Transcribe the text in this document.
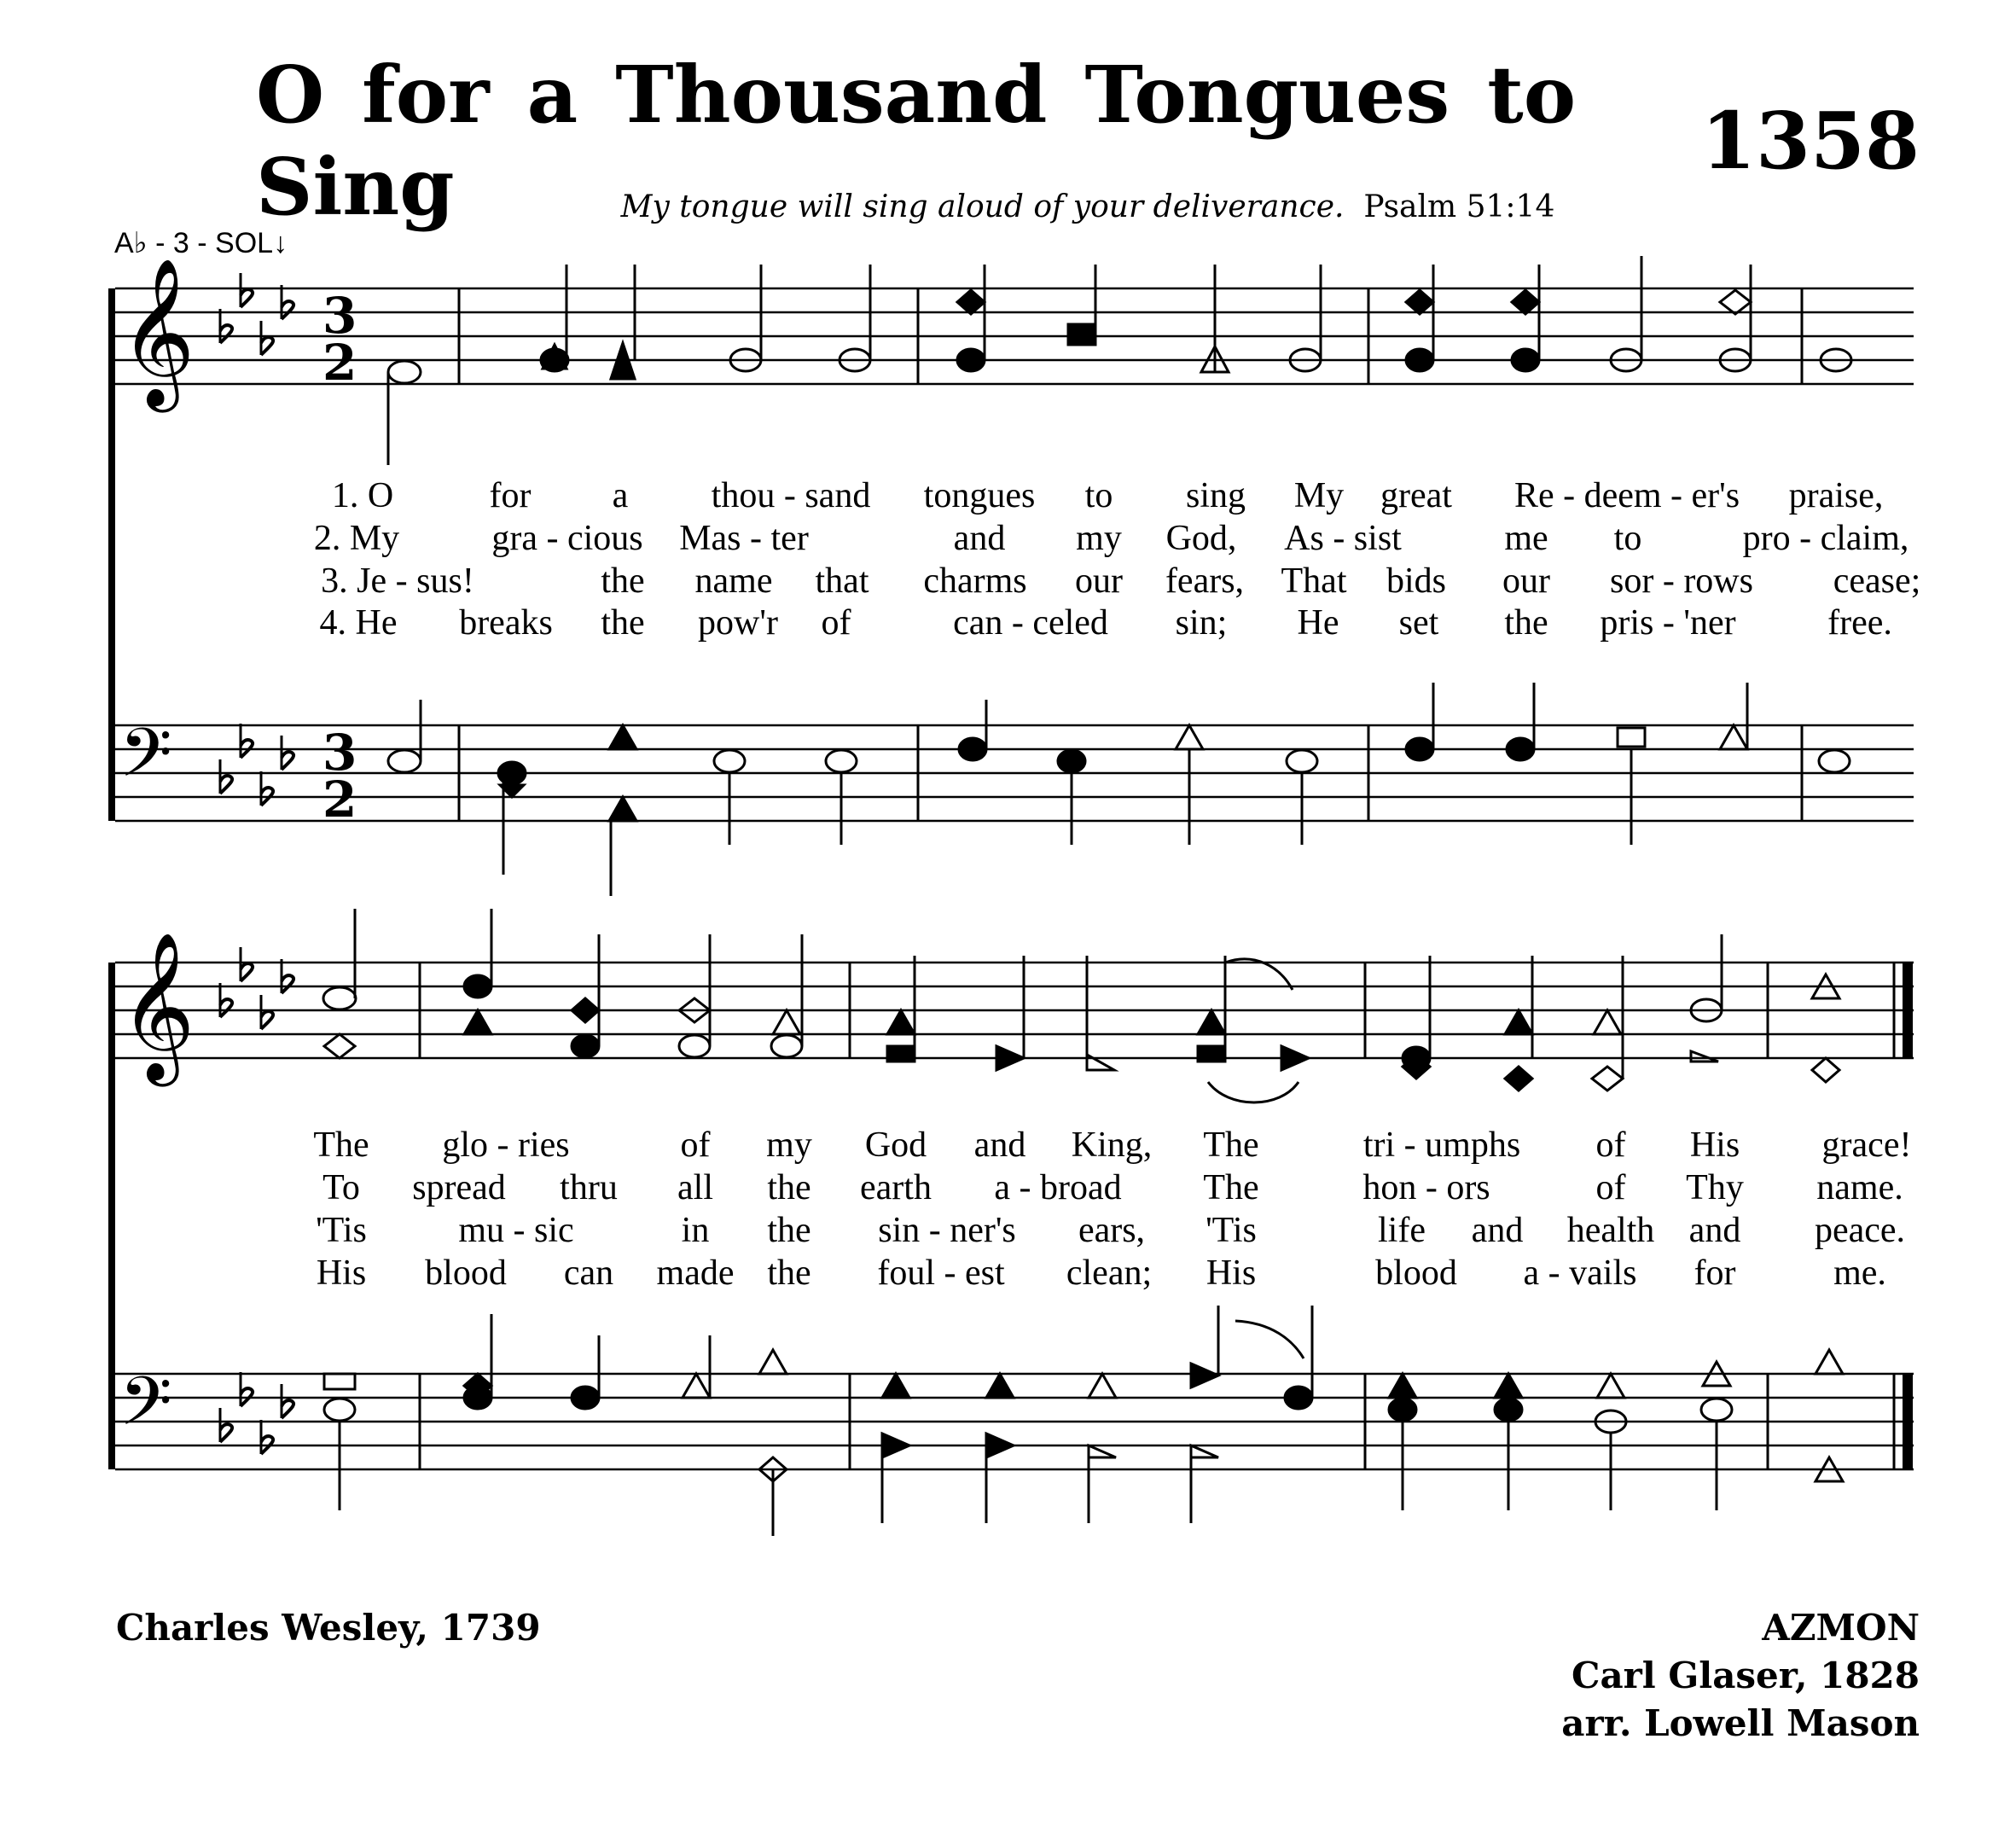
O for a Thousand Tongues to Sing	1358
My tongue will sing aloud of your deliverance. Psalm 51:14
A♭ - 3 - SOL↓
1. O	for a thou - sand tongues to sing My great Re - deem - er's praise,
2. My	gra - cious Mas - ter	and my God, As - sist	me to	pro - claim,
3. Je - sus!	the name that charms our fears, That bids our sor - rows cease;
4. He breaks the pow'r of	can - celed sin; He set the pris - 'ner	free.
The glo - ries	of my God and King, The	tri - umphs of His grace!
To spread thru all the earth a - broad The	hon - ors	of Thy name.
'Tis	mu - sic	in the sin - ner's ears, 'Tis	life and health and peace.
His blood can made the foul - est clean; His	blood a - vails for	me.
Charles Wesley, 1739	AZMON
Carl Glaser, 1828
arr. Lowell Mason
𝄞
𝄢
3
2
3
2
𝄞
𝄢
